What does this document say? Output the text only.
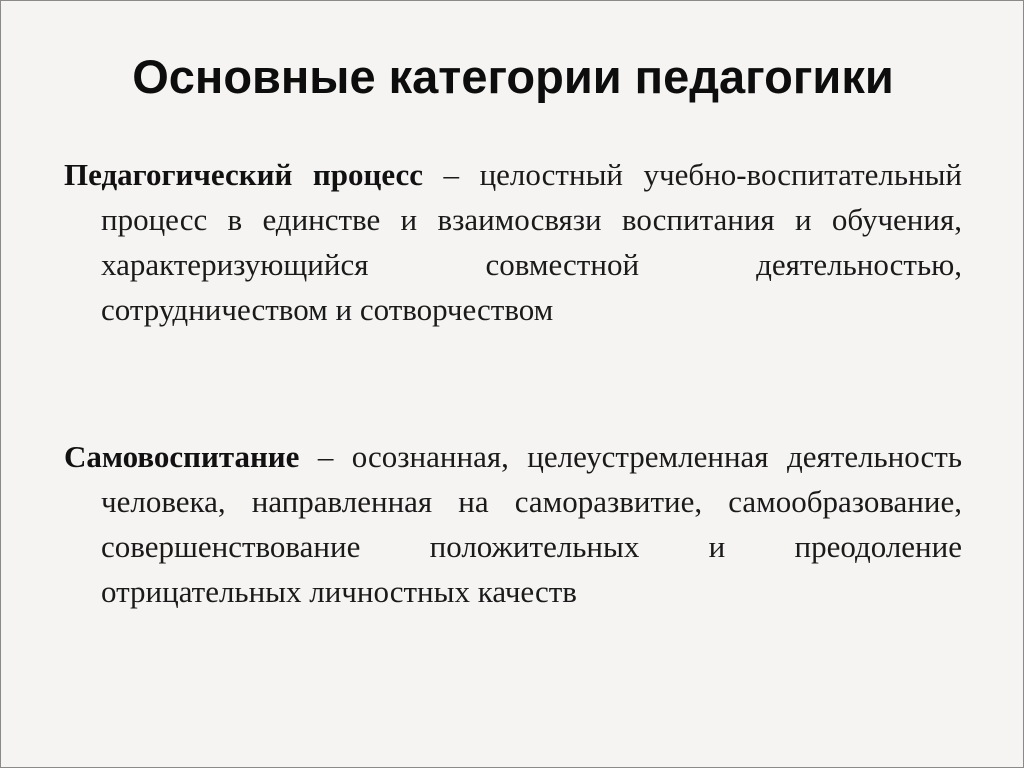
Основные категории педагогики

Педагогический процесс – целостный учебно-воспитательный процесс в единстве и взаимосвязи воспитания и обучения, характеризующийся совместной деятельностью, сотрудничеством и сотворчеством

Самовоспитание – осознанная, целеустремленная деятельность человека, направленная на саморазвитие, самообразование, совершенствование положительных и преодоление отрицательных личностных качеств
